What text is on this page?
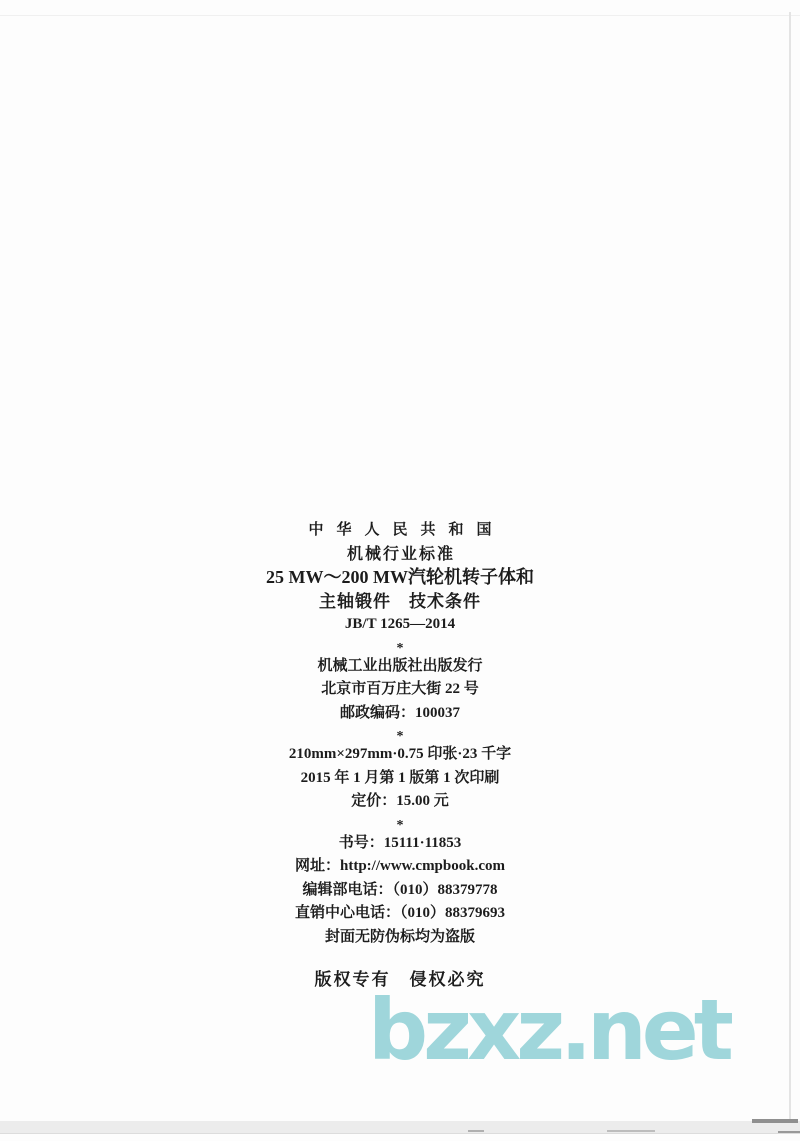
bzxz.net
中华人民共和国
机械行业标准
25 MW～200 MW汽轮机转子体和
主轴锻件　技术条件
JB/T 1265—2014
*
机械工业出版社出版发行
北京市百万庄大街 22 号
邮政编码：100037
*
210mm×297mm·0.75 印张·23 千字
2015 年 1 月第 1 版第 1 次印刷
定价：15.00 元
*
书号：15111·11853
网址：http://www.cmpbook.com
编辑部电话：（010）88379778
直销中心电话：（010）88379693
封面无防伪标均为盗版
版权专有　侵权必究
